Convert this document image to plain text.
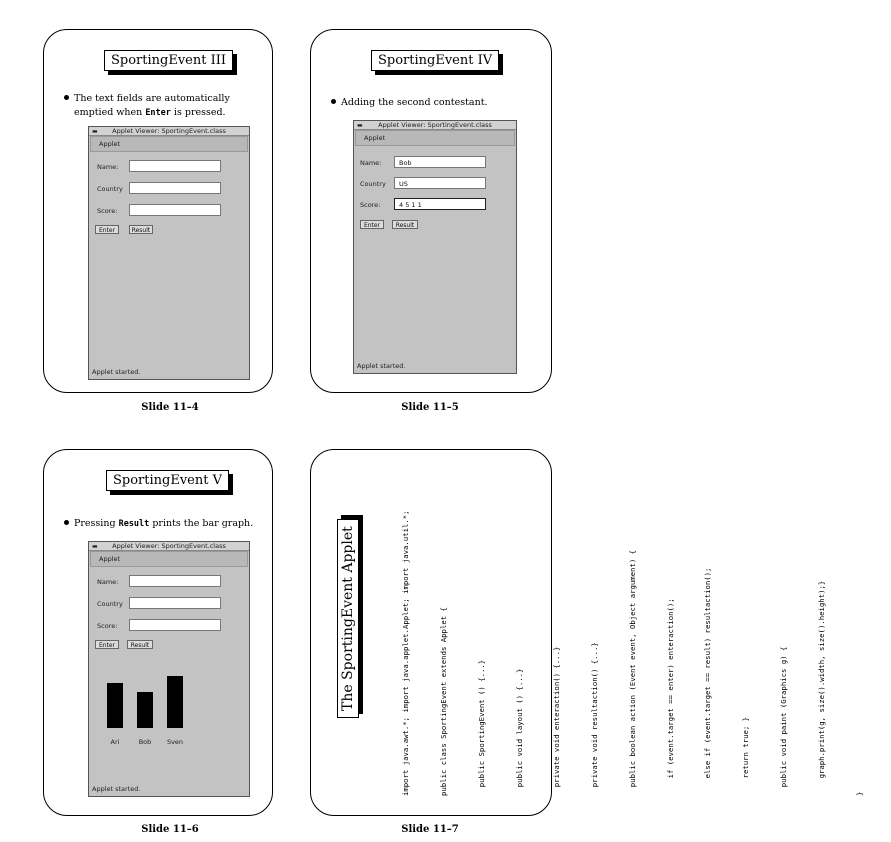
SportingEvent III
The text fields are automatically
emptied when Enter is pressed.
▬ Applet Viewer: SportingEvent.class
Applet
Name:
Country
Score:
Enter	Result
Applet started.
Slide 11–4
SportingEvent IV
Adding the second contestant.
▬ Applet Viewer: SportingEvent.class
Applet
Name:	Bob
Country	US
Score:	4 5 1 1
Enter	Result
Applet started.
Slide 11–5
SportingEvent V
Pressing Result prints the bar graph.
▬ Applet Viewer: SportingEvent.class
Applet
Name:
Country
Score:
Enter	Result
Ari	Bob	Sven
Applet started.
Slide 11–6
The SportingEvent Applet

	import java.awt.*; import java.applet.Applet; import java.util.*;

	public class SportingEvent extends Applet {

	public SportingEvent () {...}

	public void layout () {...}

	private void enteraction() {...}

	private void resultaction() {...}

	public boolean action (Event event, Object argument) {

	if (event.target == enter) enteraction();

	else if (event.target == result) resultaction();

	return true; }

	public void paint (Graphics g) {

	graph.print(g, size().width, size().height);}

	}

Slide 11–7
